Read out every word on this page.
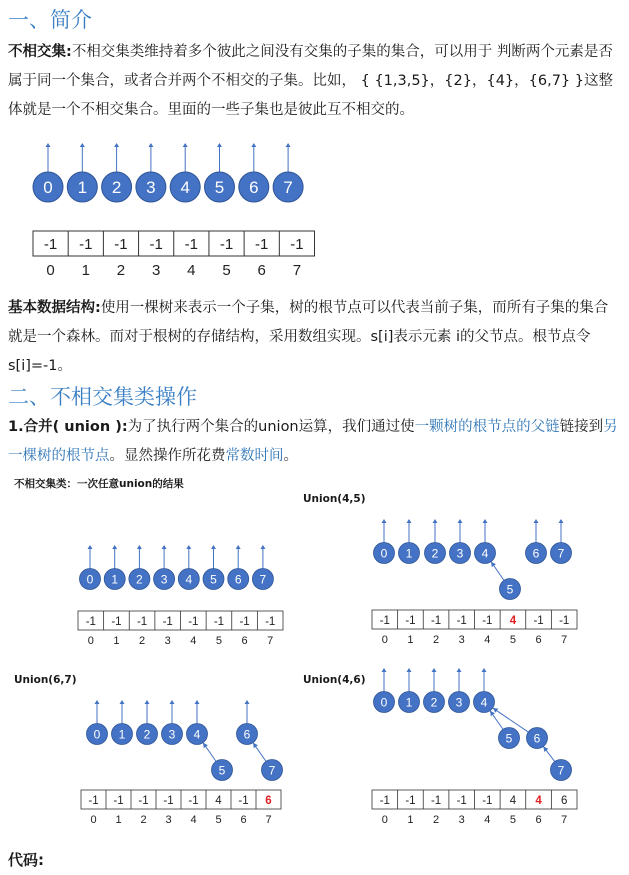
一、简介

不相交集:不相交集类维持着多个彼此之间没有交集的子集的集合，可以用于 判断两个元素是否属于同一个集合，或者合并两个不相交的子集。比如， { {1,3,5}，{2}，{4}，{6,7} }这整体就是一个不相交集合。里面的一些子集也是彼此互不相交的。

0 1 2 3 4 5 6 7
-1 -1 -1 -1 -1 -1 -1 -1
0 1 2 3 4 5 6 7

基本数据结构:使用一棵树来表示一个子集，树的根节点可以代表当前子集，而所有子集的集合就是一个森林。而对于根树的存储结构，采用数组实现。s[i]表示元素 i的父节点。根节点令 s[i]=-1。

二、不相交集类操作

1.合并( union ):为了执行两个集合的union运算，我们通过使一颗树的根节点的父链链接到另一棵树的根节点。显然操作所花费常数时间。

不相交集类：一次任意union的结果
Union(4,5)
Union(6,7)	Union(4,6)
0 1 2 3 4 5 6 7
-1 -1 -1 -1 -1 -1 -1 -1
0 1 2 3 4 5 6 7
0 1 2 3 4
5
6 7
-1 -1 -1 -1 -1 4 -1 -1
0 1 2 3 4 5 6 7
0 1 2 3 4
5
6
7
-1 -1 -1 -1 -1 4 -1 6
0 1 2 3 4 5 6 7
0 1 2 3 4
5 6
7
-1 -1 -1 -1 -1 4 4 6
0 1 2 3 4 5 6 7
代码:
